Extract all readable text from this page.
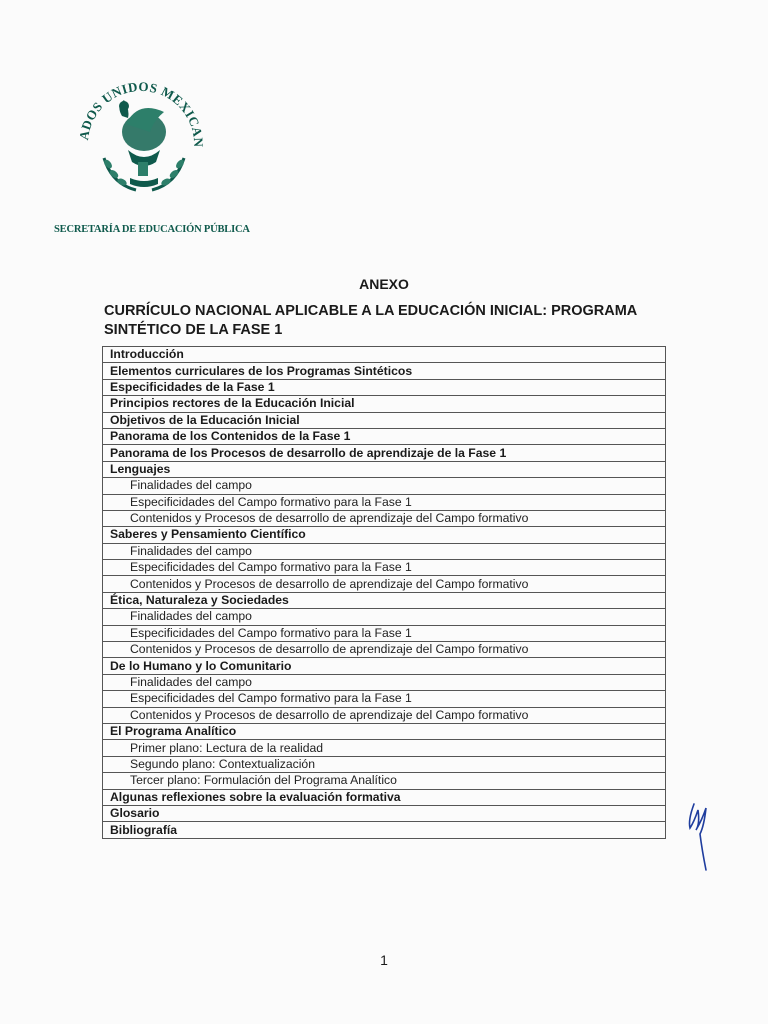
ADOS UNIDOS MEXICAN
SECRETARÍA DE EDUCACIÓN PÚBLICA
ANEXO
CURRÍCULO NACIONAL APLICABLE A LA EDUCACIÓN INICIAL: PROGRAMA SINTÉTICO DE LA FASE 1
Introducción
Elementos curriculares de los Programas Sintéticos
Especificidades de la Fase 1
Principios rectores de la Educación Inicial
Objetivos de la Educación Inicial
Panorama de los Contenidos de la Fase 1
Panorama de los Procesos de desarrollo de aprendizaje de la Fase 1
Lenguajes
Finalidades del campo
Especificidades del Campo formativo para la Fase 1
Contenidos y Procesos de desarrollo de aprendizaje del Campo formativo
Saberes y Pensamiento Científico
Finalidades del campo
Especificidades del Campo formativo para la Fase 1
Contenidos y Procesos de desarrollo de aprendizaje del Campo formativo
Ética, Naturaleza y Sociedades
Finalidades del campo
Especificidades del Campo formativo para la Fase 1
Contenidos y Procesos de desarrollo de aprendizaje del Campo formativo
De lo Humano y lo Comunitario
Finalidades del campo
Especificidades del Campo formativo para la Fase 1
Contenidos y Procesos de desarrollo de aprendizaje del Campo formativo
El Programa Analítico
Primer plano: Lectura de la realidad
Segundo plano: Contextualización
Tercer plano: Formulación del Programa Analítico
Algunas reflexiones sobre la evaluación formativa
Glosario
Bibliografía
1
